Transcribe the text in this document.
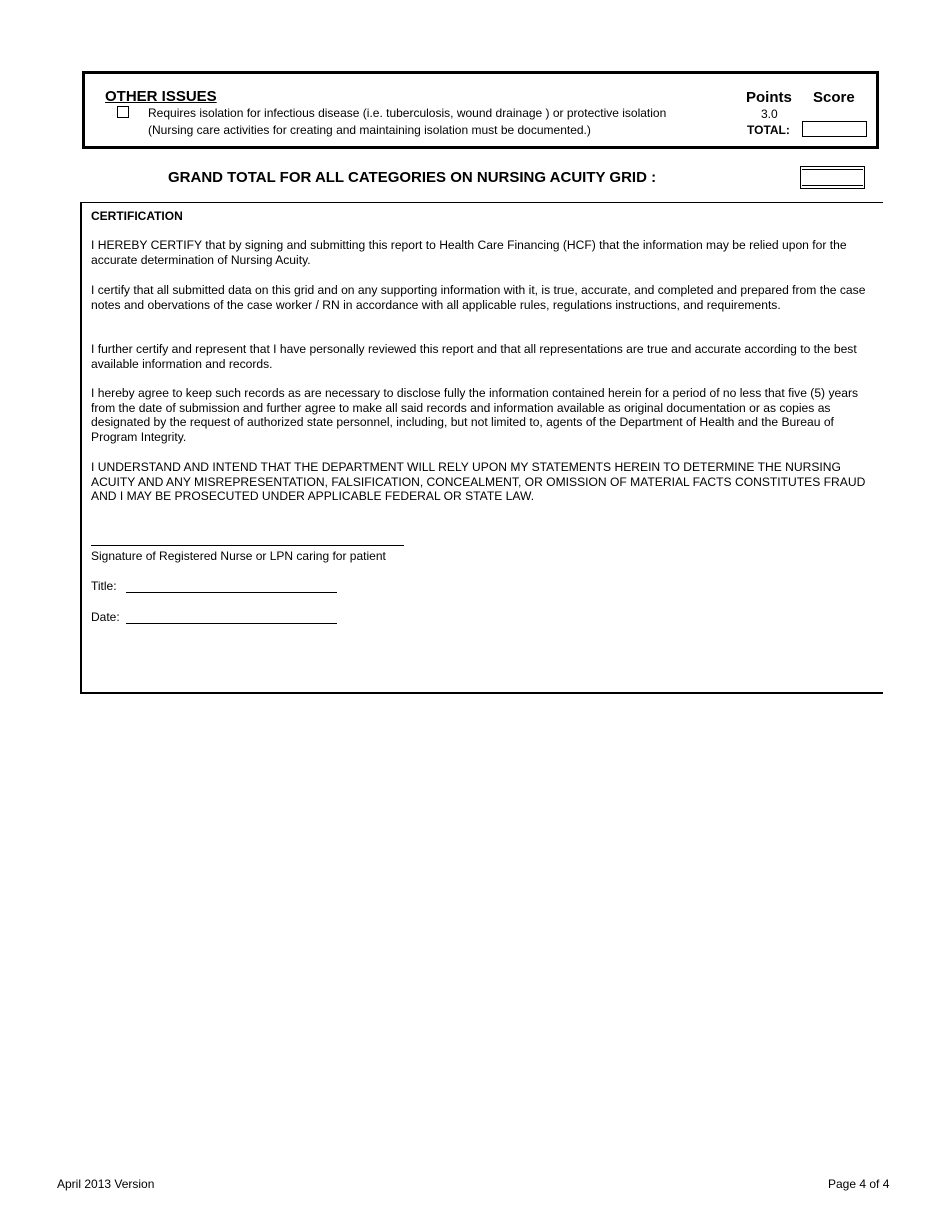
OTHER ISSUES
Requires isolation for infectious disease (i.e. tuberculosis, wound drainage ) or protective isolation
(Nursing care activities for creating and maintaining isolation must be documented.)
Points Score
3.0
TOTAL:
GRAND TOTAL FOR ALL CATEGORIES ON NURSING ACUITY GRID :
CERTIFICATION

I HEREBY CERTIFY that by signing and submitting this report to Health Care Financing (HCF) that the information may be relied upon for the accurate determination of Nursing Acuity.

I certify that all submitted data on this grid and on any supporting information with it, is true, accurate, and completed and prepared from the case notes and obervations of the case worker / RN in accordance with all applicable rules, regulations instructions, and requirements.

I further certify and represent that I have personally reviewed this report and that all representations are true and accurate according to the best available information and records.

I hereby agree to keep such records as are necessary to disclose fully the information contained herein for a period of no less that five (5) years from the date of submission and further agree to make all said records and information available as original documentation or as copies as designated by the request of authorized state personnel, including, but not limited to, agents of the Department of Health and the Bureau of Program Integrity.

I UNDERSTAND AND INTEND THAT THE DEPARTMENT WILL RELY UPON MY STATEMENTS HEREIN TO DETERMINE THE NURSING ACUITY AND ANY MISREPRESENTATION, FALSIFICATION, CONCEALMENT, OR OMISSION OF MATERIAL FACTS CONSTITUTES FRAUD AND I MAY BE PROSECUTED UNDER APPLICABLE FEDERAL OR STATE LAW.

Signature of Registered Nurse or LPN caring for patient
Title:
Date:
April 2013 Version	Page 4 of 4
